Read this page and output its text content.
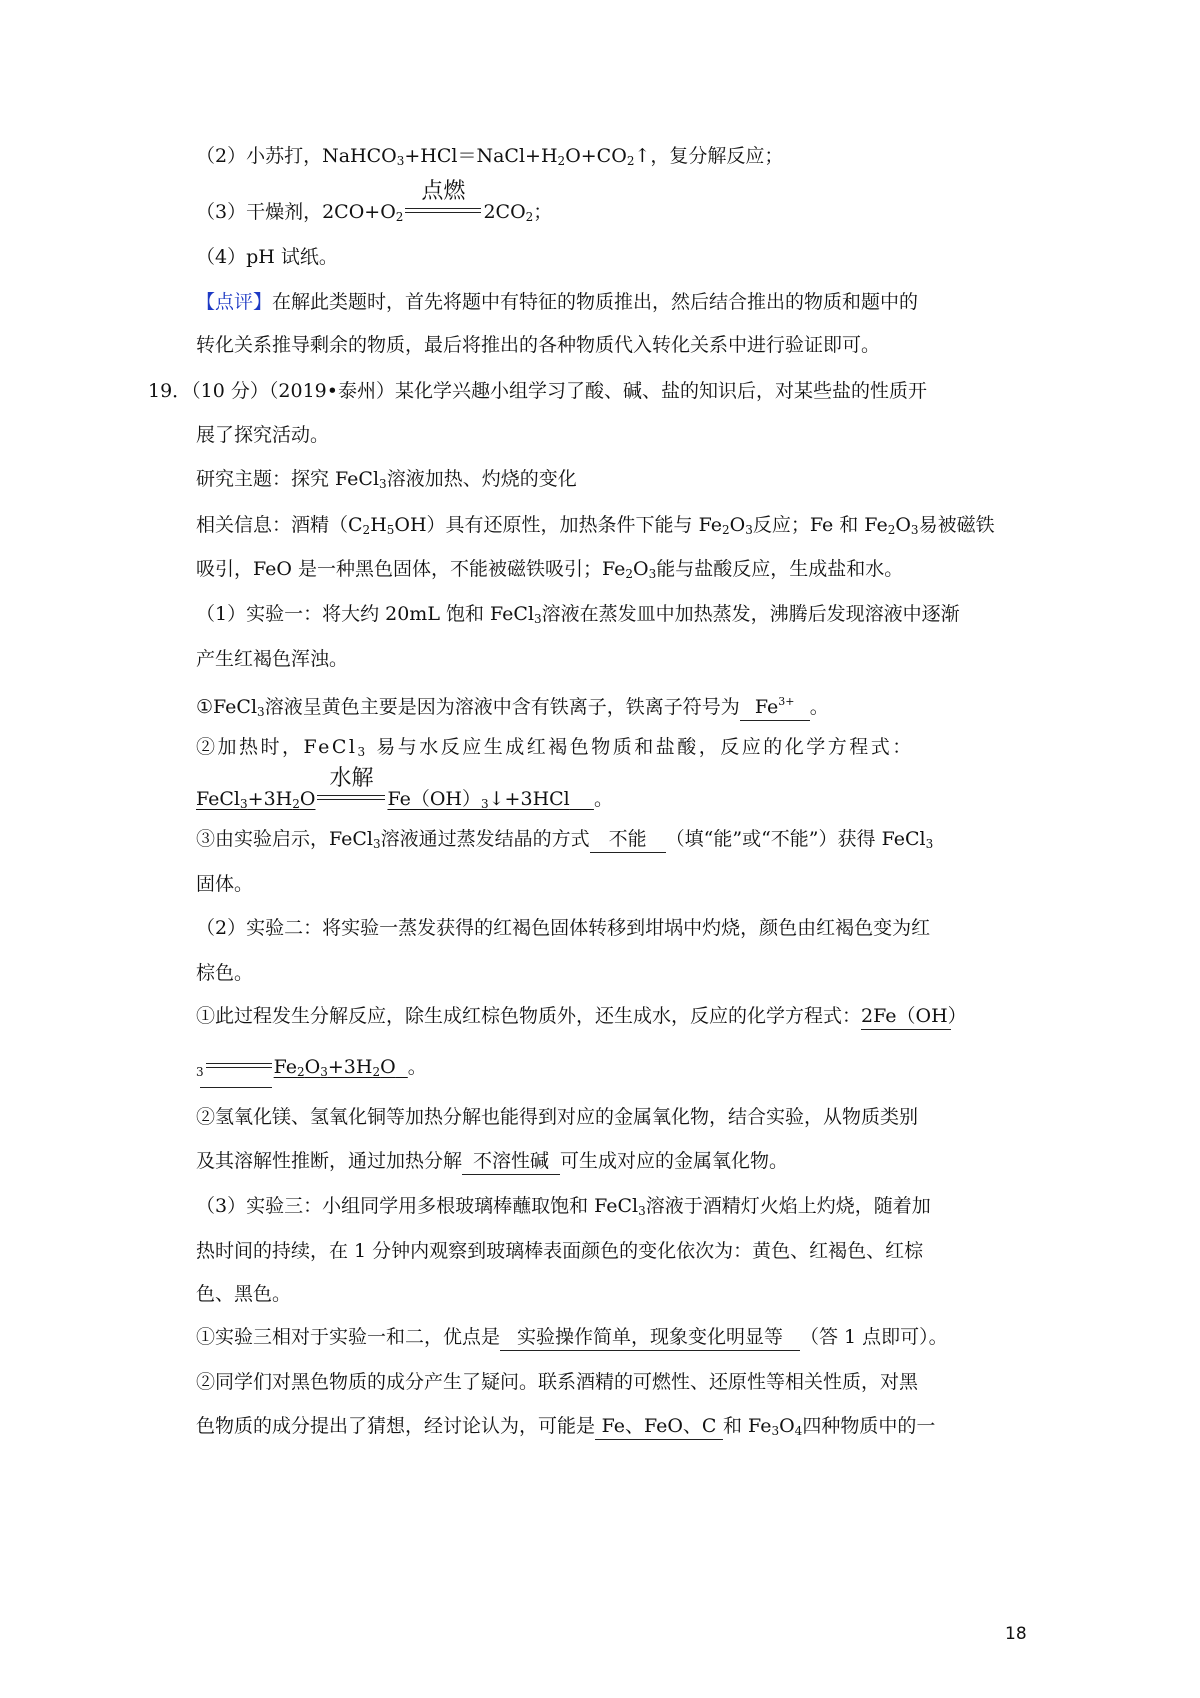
（2）小苏打，$NaHCO_3+HCl=NaCl+H_2O+CO_2↑$，复分解反应；
（3）干燥剂，$2CO+O_2$
点燃
$2CO_2$；
（4）pH 试纸。
【点评】在解此类题时，首先将题中有特征的物质推出，然后结合推出的物质和题中的
转化关系推导剩余的物质，最后将推出的各种物质代入转化关系中进行验证即可。
19．（10 分）（2019•泰州）某化学兴趣小组学习了酸、碱、盐的知识后，对某些盐的性质开
展了探究活动。
研究主题：探究 FeCl$_3$溶液加热、灼烧的变化
相关信息：酒精$(C_2H_5OH)$具有还原性，加热条件下能与 $Fe_2O_3$反应；Fe 和 $Fe_2O_3$易被磁铁
吸引，FeO 是一种黑色固体，不能被磁铁吸引；$Fe_2O_3$能与盐酸反应，生成盐和水。
（1）实验一：将大约 20mL 饱和 FeCl$_3$溶液在蒸发皿中加热蒸发，沸腾后发现溶液中逐渐
产生红褐色浑浊。
①FeCl$_3$溶液呈黄色主要是因为溶液中含有铁离子，铁离子符号为 $Fe^{3+}$ 。
②加热时，FeCl$_3$ 易与水反应生成红褐色物质和盐酸，反应的化学方程式：
$FeCl_3+3H_2O$
水解
$Fe(OH)_3↓+3HCl$ 。
③由实验启示，FeCl$_3$溶液通过蒸发结晶的方式 不能 （填“能”或“不能”）获得 FeCl$_3$
固体。
（2）实验二：将实验一蒸发获得的红褐色固体转移到坩埚中灼烧，颜色由红褐色变为红
棕色。
①此过程发生分解反应，除生成红棕色物质外，还生成水，反应的化学方程式：2Fe（OH）
$_3$	$Fe_2O_3+3H_2O$ 。
②氢氧化镁、氢氧化铜等加热分解也能得到对应的金属氧化物，结合实验，从物质类别
及其溶解性推断，通过加热分解 不溶性碱 可生成对应的金属氧化物。
（3）实验三：小组同学用多根玻璃棒蘸取饱和 FeCl$_3$溶液于酒精灯火焰上灼烧，随着加
热时间的持续，在 1 分钟内观察到玻璃棒表面颜色的变化依次为：黄色、红褐色、红棕
色、黑色。
①实验三相对于实验一和二，优点是 实验操作简单，现象变化明显等 （答 1 点即可）。
②同学们对黑色物质的成分产生了疑问。联系酒精的可燃性、还原性等相关性质，对黑
色物质的成分提出了猜想，经讨论认为，可能是 Fe、FeO、C 和 $Fe_3O_4$四种物质中的一
18
